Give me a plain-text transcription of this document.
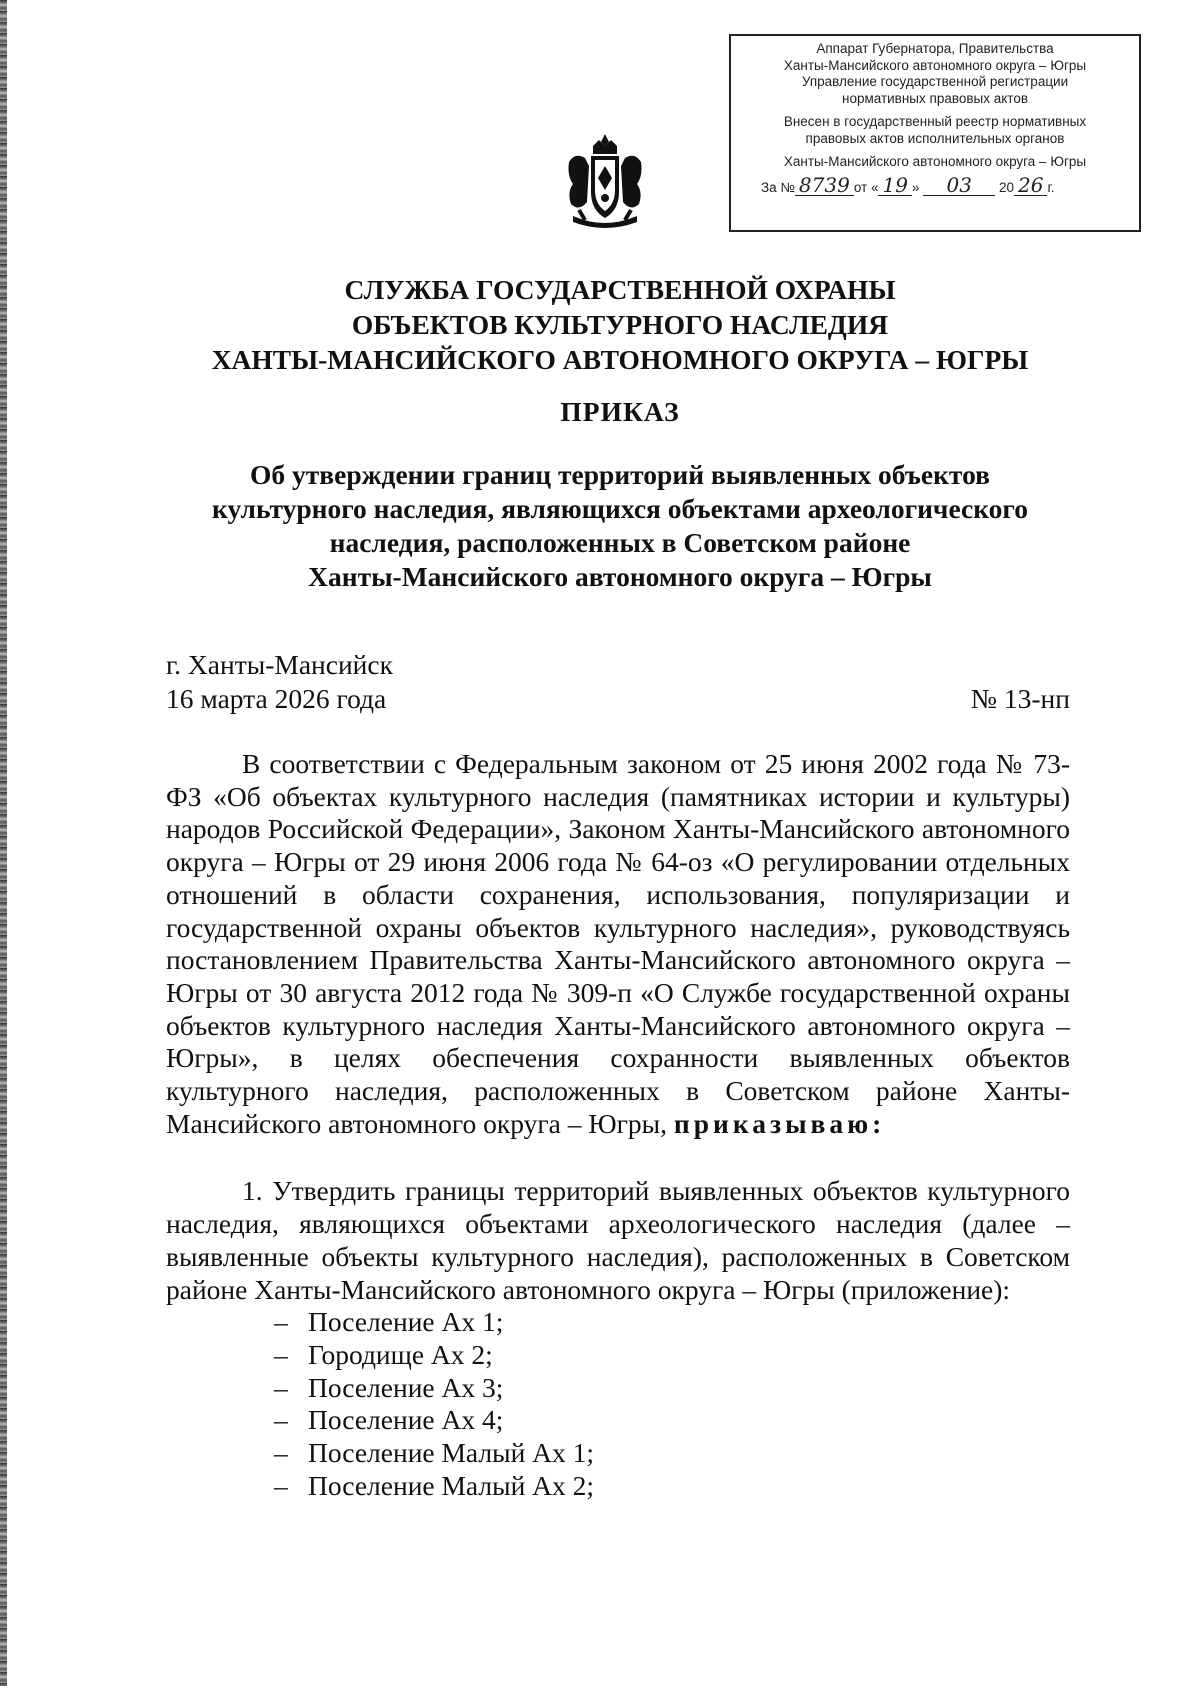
Аппарат Губернатора, Правительства
Ханты-Мансийского автономного округа – Югры
Управление государственной регистрации
нормативных правовых актов
Внесен в государственный реестр нормативных
правовых актов исполнительных органов
Ханты-Мансийского автономного округа – Югры
За № 8739 от « 19 » 03 20 26 г.
СЛУЖБА ГОСУДАРСТВЕННОЙ ОХРАНЫ
ОБЪЕКТОВ КУЛЬТУРНОГО НАСЛЕДИЯ
ХАНТЫ-МАНСИЙСКОГО АВТОНОМНОГО ОКРУГА – ЮГРЫ
ПРИКАЗ
Об утверждении границ территорий выявленных объектов
культурного наследия, являющихся объектами археологического
наследия, расположенных в Советском районе
Ханты-Мансийского автономного округа – Югры
г. Ханты-Мансийск
16 марта 2026 года	№ 13-нп

В соответствии с Федеральным законом от 25 июня 2002 года № 73-ФЗ «Об объектах культурного наследия (памятниках истории и культуры) народов Российской Федерации», Законом Ханты-Мансийского автономного округа – Югры от 29 июня 2006 года № 64-оз «О регулировании отдельных отношений в области сохранения, использования, популяризации и государственной охраны объектов культурного наследия», руководствуясь постановлением Правительства Ханты-Мансийского автономного округа – Югры от 30 августа 2012 года № 309-п «О Службе государственной охраны объектов культурного наследия Ханты-Мансийского автономного округа – Югры», в целях обеспечения сохранности выявленных объектов культурного наследия, расположенных в Советском районе Ханты-Мансийского автономного округа – Югры, приказываю:

1. Утвердить границы территорий выявленных объектов культурного наследия, являющихся объектами археологического наследия (далее – выявленные объекты культурного наследия), расположенных в Советском районе Ханты-Мансийского автономного округа – Югры (приложение):

– Поселение Ах 1;
– Городище Ах 2;
– Поселение Ах 3;
– Поселение Ах 4;
– Поселение Малый Ах 1;
– Поселение Малый Ах 2;
